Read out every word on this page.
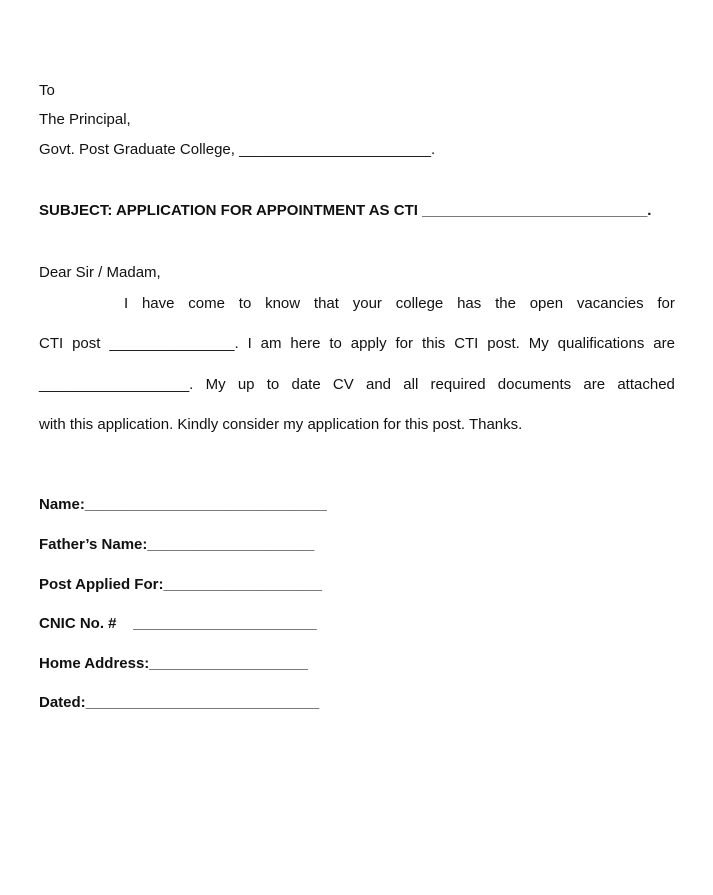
To
The Principal,
Govt. Post Graduate College, _______________________.
SUBJECT: APPLICATION FOR APPOINTMENT AS CTI ___________________________.
Dear Sir / Madam,
I have come to know that your college has the open vacancies for
CTI post _______________. I am here to apply for this CTI post. My qualifications are
__________________. My up to date CV and all required documents are attached
with this application. Kindly consider my application for this post. Thanks.
Name:_____________________________
Father’s Name:____________________
Post Applied For:___________________
CNIC No. #    ______________________
Home Address:___________________
Dated:____________________________
